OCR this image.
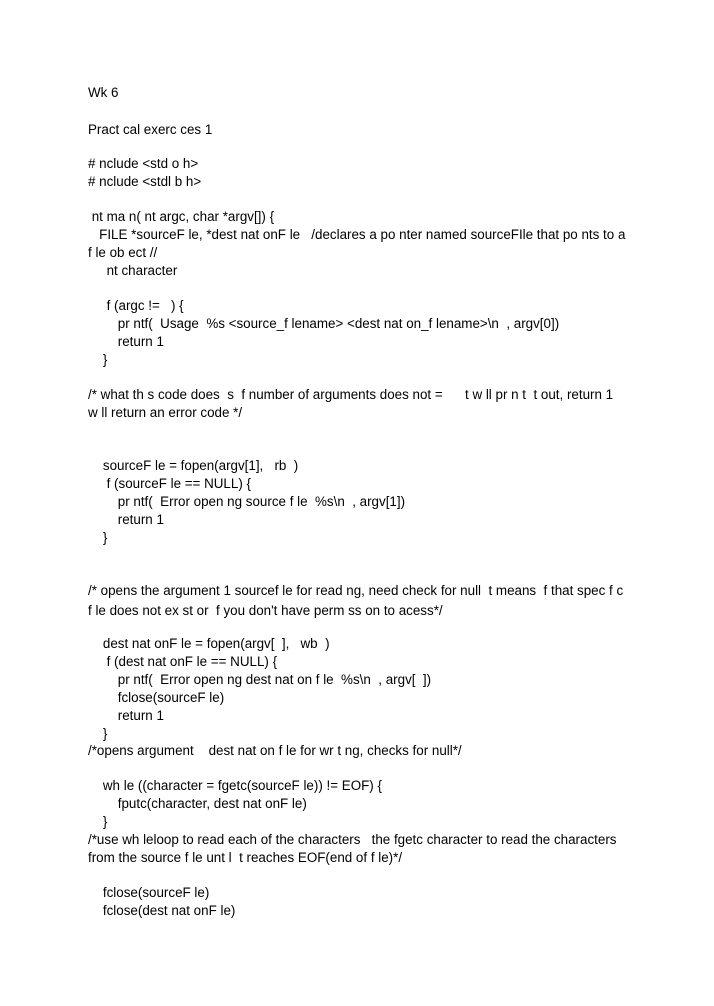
Wk 6
Pract cal exerc ces 1
# nclude <std o h>
# nclude <stdl b h>
nt ma n( nt argc, char *argv[]) {
FILE *sourceF le, *dest nat onF le   /declares a po nter named sourceFIle that po nts to a
f le ob ect //
nt character
f (argc !=   ) {
pr ntf(  Usage  %s <source_f lename> <dest nat on_f lename>\n  , argv[0])
return 1
}
/* what th s code does  s  f number of arguments does not =      t w ll pr n t  t out, return 1
w ll return an error code */
sourceF le = fopen(argv[1],   rb  )
f (sourceF le == NULL) {
pr ntf(  Error open ng source f le  %s\n  , argv[1])
return 1
}
/* opens the argument 1 sourcef le for read ng, need check for null  t means  f that spec f c
f le does not ex st or  f you don't have perm ss on to acess*/
dest nat onF le = fopen(argv[  ],   wb  )
f (dest nat onF le == NULL) {
pr ntf(  Error open ng dest nat on f le  %s\n  , argv[  ])
fclose(sourceF le)
return 1
}
/*opens argument    dest nat on f le for wr t ng, checks for null*/
wh le ((character = fgetc(sourceF le)) != EOF) {
fputc(character, dest nat onF le)
}
/*use wh leloop to read each of the characters   the fgetc character to read the characters
from the source f le unt l  t reaches EOF(end of f le)*/
fclose(sourceF le)
fclose(dest nat onF le)
